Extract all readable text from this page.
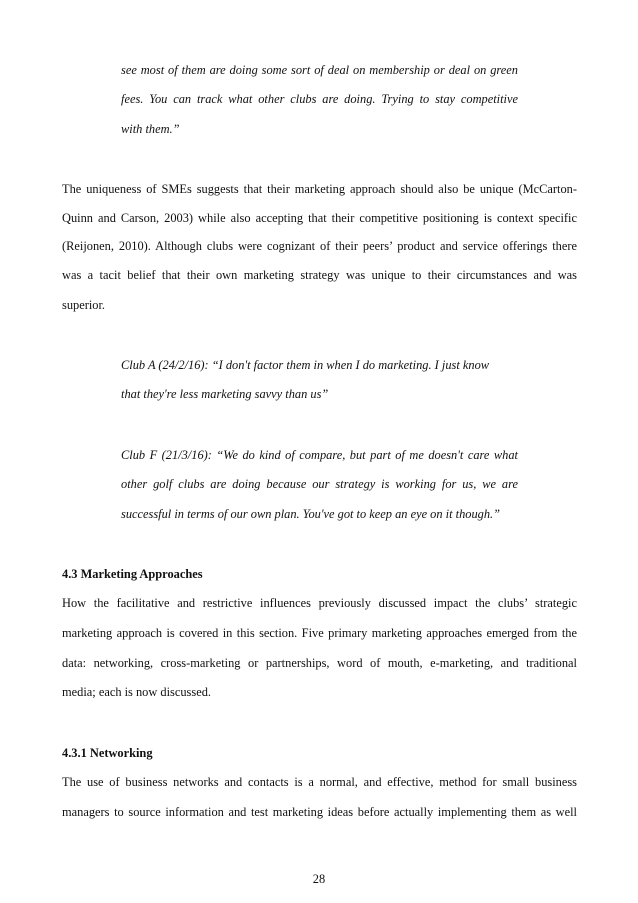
see most of them are doing some sort of deal on membership or deal on green
fees. You can track what other clubs are doing. Trying to stay competitive
with them.”
The uniqueness of SMEs suggests that their marketing approach should also be unique (McCarton-
Quinn and Carson, 2003) while also accepting that their competitive positioning is context specific
(Reijonen, 2010). Although clubs were cognizant of their peers’ product and service offerings there
was a tacit belief that their own marketing strategy was unique to their circumstances and was
superior.
Club A (24/2/16): “I don't factor them in when I do marketing. I just know
that they're less marketing savvy than us”
Club F (21/3/16): “We do kind of compare, but part of me doesn't care what
other golf clubs are doing because our strategy is working for us, we are
successful in terms of our own plan. You've got to keep an eye on it though.”
4.3 Marketing Approaches
How the facilitative and restrictive influences previously discussed impact the clubs’ strategic
marketing approach is covered in this section. Five primary marketing approaches emerged from the
data: networking, cross-marketing or partnerships, word of mouth, e-marketing, and traditional
media; each is now discussed.
4.3.1 Networking
The use of business networks and contacts is a normal, and effective, method for small business
managers to source information and test marketing ideas before actually implementing them as well
28
